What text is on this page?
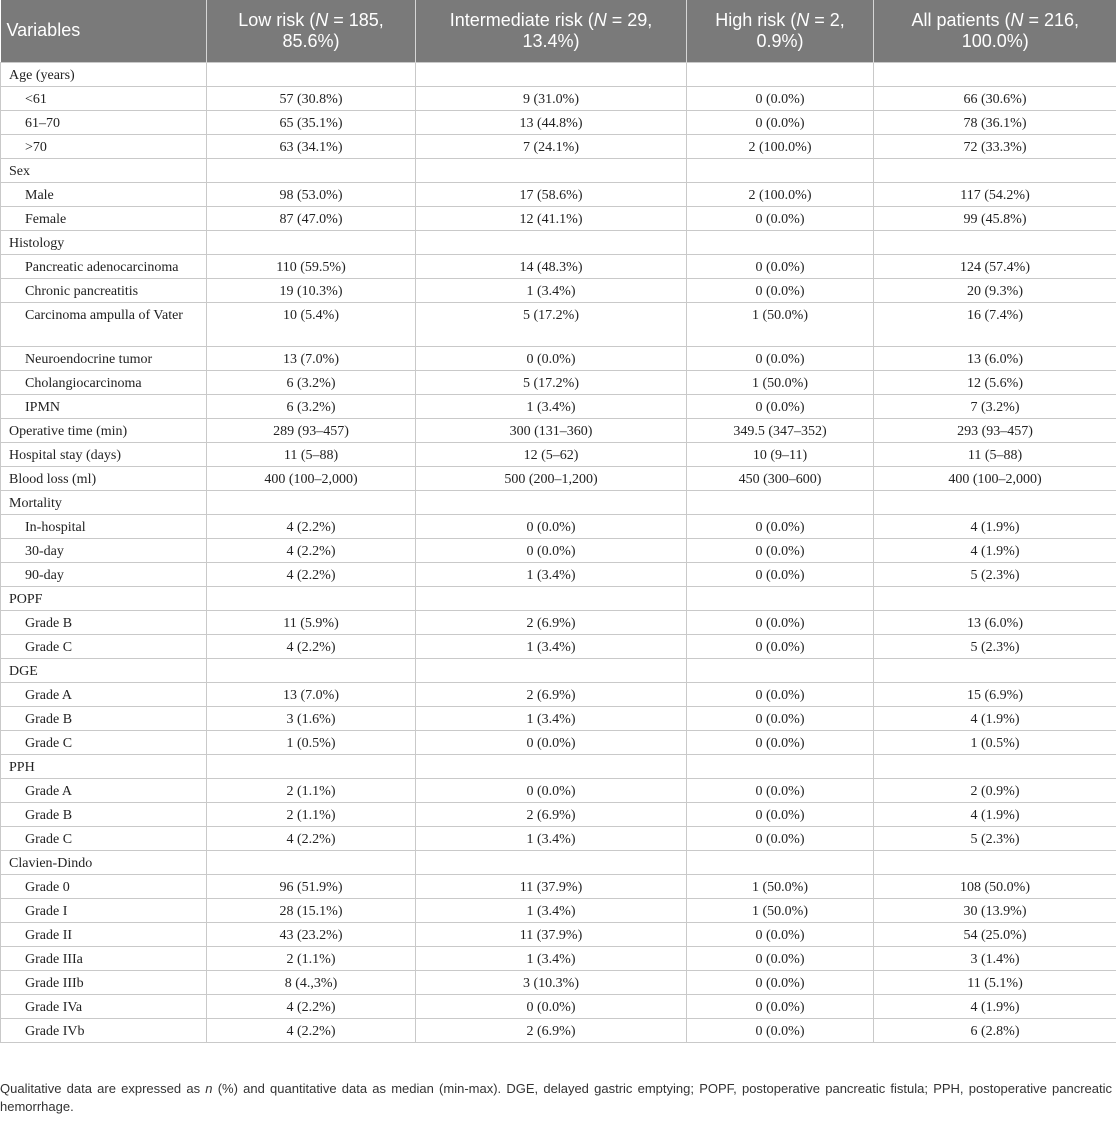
Variables	Low risk (N = 185, 85.6%)	Intermediate risk (N = 29, 13.4%)	High risk (N = 2, 0.9%)	All patients (N = 216, 100.0%)
Age (years)				
<61	57 (30.8%)	9 (31.0%)	0 (0.0%)	66 (30.6%)
61–70	65 (35.1%)	13 (44.8%)	0 (0.0%)	78 (36.1%)
>70	63 (34.1%)	7 (24.1%)	2 (100.0%)	72 (33.3%)
Sex				
Male	98 (53.0%)	17 (58.6%)	2 (100.0%)	117 (54.2%)
Female	87 (47.0%)	12 (41.1%)	0 (0.0%)	99 (45.8%)
Histology				
Pancreatic adenocarcinoma	110 (59.5%)	14 (48.3%)	0 (0.0%)	124 (57.4%)
Chronic pancreatitis	19 (10.3%)	1 (3.4%)	0 (0.0%)	20 (9.3%)
Carcinoma ampulla of Vater	10 (5.4%)	5 (17.2%)	1 (50.0%)	16 (7.4%)
Neuroendocrine tumor	13 (7.0%)	0 (0.0%)	0 (0.0%)	13 (6.0%)
Cholangiocarcinoma	6 (3.2%)	5 (17.2%)	1 (50.0%)	12 (5.6%)
IPMN	6 (3.2%)	1 (3.4%)	0 (0.0%)	7 (3.2%)
Operative time (min)	289 (93–457)	300 (131–360)	349.5 (347–352)	293 (93–457)
Hospital stay (days)	11 (5–88)	12 (5–62)	10 (9–11)	11 (5–88)
Blood loss (ml)	400 (100–2,000)	500 (200–1,200)	450 (300–600)	400 (100–2,000)
Mortality				
In-hospital	4 (2.2%)	0 (0.0%)	0 (0.0%)	4 (1.9%)
30-day	4 (2.2%)	0 (0.0%)	0 (0.0%)	4 (1.9%)
90-day	4 (2.2%)	1 (3.4%)	0 (0.0%)	5 (2.3%)
POPF				
Grade B	11 (5.9%)	2 (6.9%)	0 (0.0%)	13 (6.0%)
Grade C	4 (2.2%)	1 (3.4%)	0 (0.0%)	5 (2.3%)
DGE				
Grade A	13 (7.0%)	2 (6.9%)	0 (0.0%)	15 (6.9%)
Grade B	3 (1.6%)	1 (3.4%)	0 (0.0%)	4 (1.9%)
Grade C	1 (0.5%)	0 (0.0%)	0 (0.0%)	1 (0.5%)
PPH				
Grade A	2 (1.1%)	0 (0.0%)	0 (0.0%)	2 (0.9%)
Grade B	2 (1.1%)	2 (6.9%)	0 (0.0%)	4 (1.9%)
Grade C	4 (2.2%)	1 (3.4%)	0 (0.0%)	5 (2.3%)
Clavien-Dindo				
Grade 0	96 (51.9%)	11 (37.9%)	1 (50.0%)	108 (50.0%)
Grade I	28 (15.1%)	1 (3.4%)	1 (50.0%)	30 (13.9%)
Grade II	43 (23.2%)	11 (37.9%)	0 (0.0%)	54 (25.0%)
Grade IIIa	2 (1.1%)	1 (3.4%)	0 (0.0%)	3 (1.4%)
Grade IIIb	8 (4.,3%)	3 (10.3%)	0 (0.0%)	11 (5.1%)
Grade IVa	4 (2.2%)	0 (0.0%)	0 (0.0%)	4 (1.9%)
Grade IVb	4 (2.2%)	2 (6.9%)	0 (0.0%)	6 (2.8%)
Qualitative data are expressed as n (%) and quantitative data as median (min-max). DGE, delayed gastric emptying; POPF, postoperative pancreatic fistula; PPH, postoperative pancreatic hemorrhage.
